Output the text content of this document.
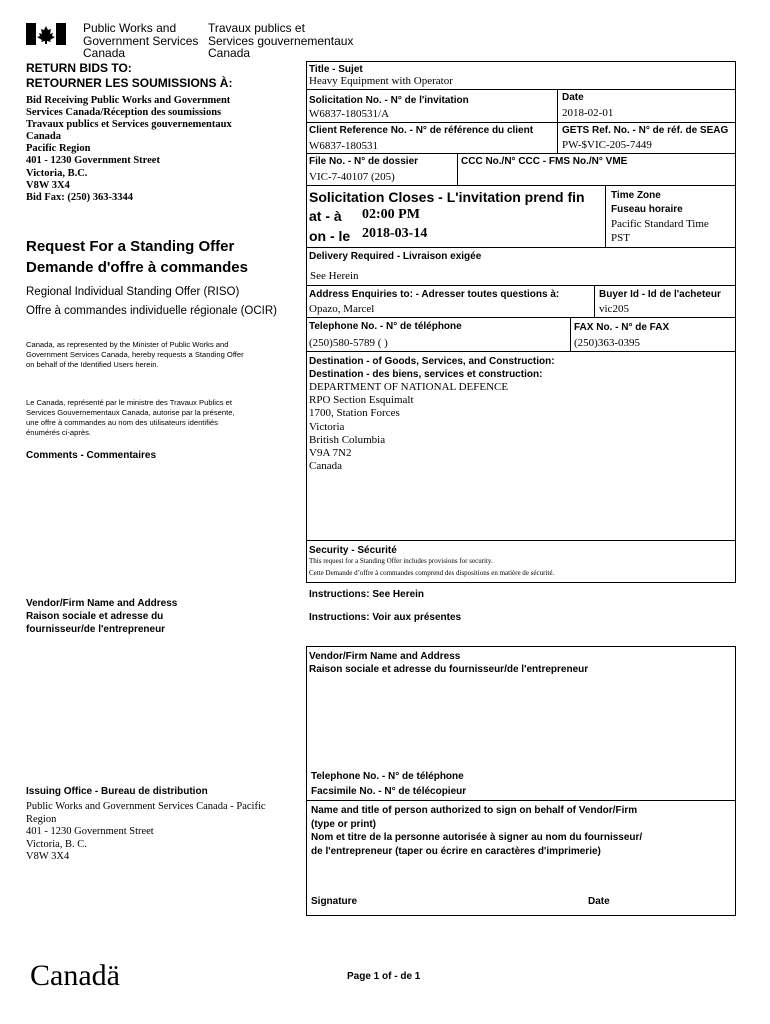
Public Works and
Government Services
Canada
Travaux publics et
Services gouvernementaux
Canada
RETURN BIDS TO:
RETOURNER LES SOUMISSIONS À:
Bid Receiving Public Works and Government
Services Canada/Réception des soumissions
Travaux publics et Services gouvernementaux
Canada
Pacific Region
401 - 1230 Government Street
Victoria, B.C.
V8W 3X4
Bid Fax: (250) 363-3344
Request For a Standing Offer
Demande d'offre à commandes
Regional Individual Standing Offer (RISO)
Offre à commandes individuelle régionale (OCIR)
Canada, as represented by the Minister of Public Works and
Government Services Canada, hereby requests a Standing Offer
on behalf of the Identified Users herein.
Le Canada, représenté par le ministre des Travaux Publics et
Services Gouvernementaux Canada, autorise par la présente,
une offre à commandes au nom des utilisateurs identifiés
énumérés ci-après.
Comments - Commentaires
Vendor/Firm Name and Address
Raison sociale et adresse du
fournisseur/de l'entrepreneur
Issuing Office - Bureau de distribution
Public Works and Government Services Canada - Pacific
Region
401 - 1230 Government Street
Victoria, B. C.
V8W 3X4
Title - Sujet
Heavy Equipment with Operator
Solicitation No. - N° de l'invitation
W6837-180531/A
Date
2018-02-01
Client Reference No. - N° de référence du client
W6837-180531
GETS Ref. No. - N° de réf. de SEAG
PW-$VIC-205-7449
File No. - N° de dossier
VIC-7-40107 (205)
CCC No./N° CCC - FMS No./N° VME
Solicitation Closes - L'invitation prend fin
at - à 02:00 PM
on - le 2018-03-14
Time Zone
Fuseau horaire
Pacific Standard Time
PST
Delivery Required - Livraison exigée
See Herein
Address Enquiries to: - Adresser toutes questions à:
Opazo, Marcel
Buyer Id - Id de l'acheteur
vic205
Telephone No. - N° de téléphone
(250)580-5789 ( )
FAX No. - N° de FAX
(250)363-0395
Destination - of Goods, Services, and Construction:
Destination - des biens, services et construction:
DEPARTMENT OF NATIONAL DEFENCE
RPO Section Esquimalt
1700, Station Forces
Victoria
British Columbia
V9A 7N2
Canada
Security - Sécurité
This request for a Standing Offer includes provisions for security.
Cette Demande d’offre à commandes comprend des dispositions en matière de sécurité.
Instructions: See Herein
Instructions: Voir aux présentes
Vendor/Firm Name and Address
Raison sociale et adresse du fournisseur/de l'entrepreneur
Telephone No. - N° de téléphone
Facsimile No. - N° de télécopieur
Name and title of person authorized to sign on behalf of Vendor/Firm
(type or print)
Nom et titre de la personne autorisée à signer au nom du fournisseur/
de l'entrepreneur (taper ou écrire en caractères d'imprimerie)
Signature	Date
Canadä	Page 1 of - de 1
